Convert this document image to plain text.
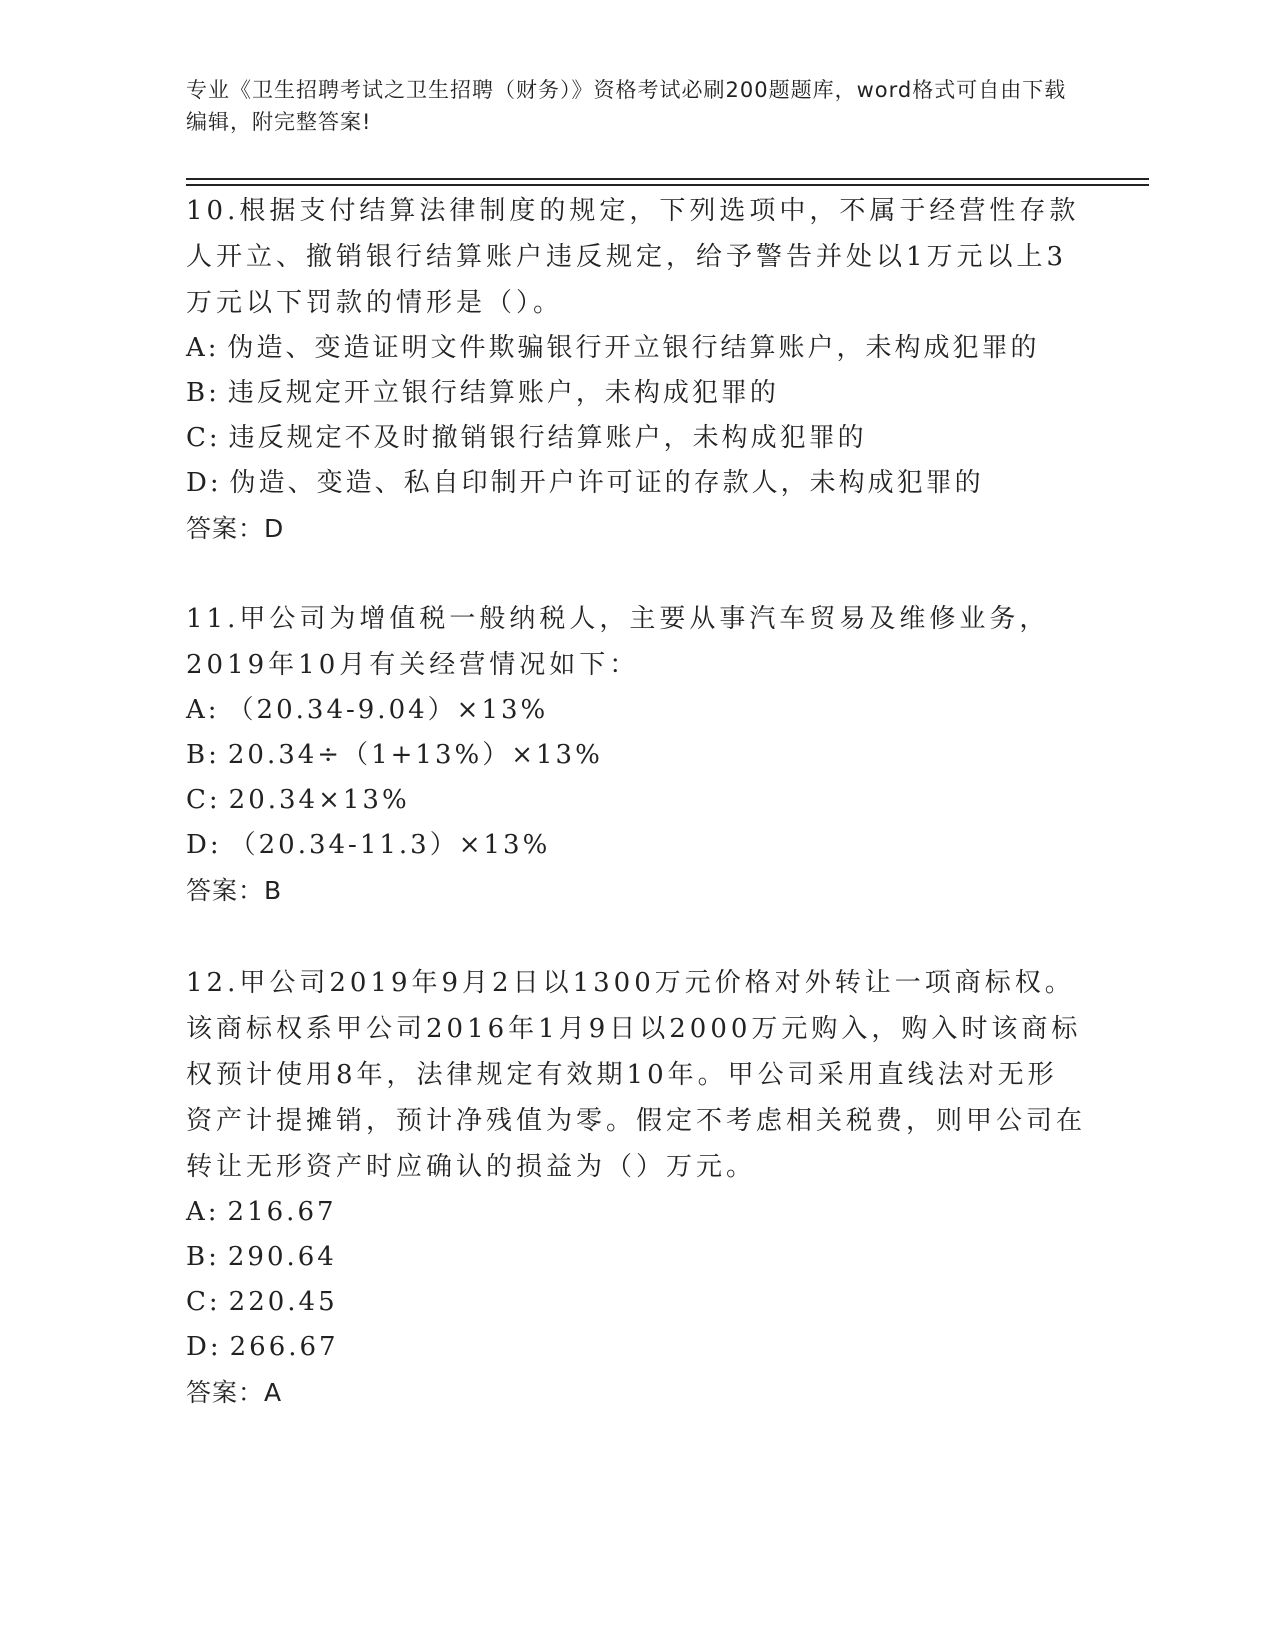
专业《卫生招聘考试之卫生招聘（财务）》资格考试必刷200题题库，word格式可自由下载编辑，附完整答案!

10.根据支付结算法律制度的规定，下列选项中，不属于经营性存款人开立、撤销银行结算账户违反规定，给予警告并处以1万元以上3万元以下罚款的情形是（）。

A: 伪造、变造证明文件欺骗银行开立银行结算账户，未构成犯罪的

B: 违反规定开立银行结算账户，未构成犯罪的

C: 违反规定不及时撤销银行结算账户，未构成犯罪的

D: 伪造、变造、私自印制开户许可证的存款人，未构成犯罪的

答案：D

11.甲公司为增值税一般纳税人，主要从事汽车贸易及维修业务，2019年10月有关经营情况如下：

A: （20.34-9.04）×13%

B: 20.34÷（1+13%）×13%

C: 20.34×13%

D: （20.34-11.3）×13%

答案：B

12.甲公司2019年9月2日以1300万元价格对外转让一项商标权。该商标权系甲公司2016年1月9日以2000万元购入，购入时该商标权预计使用8年，法律规定有效期10年。甲公司采用直线法对无形资产计提摊销，预计净残值为零。假定不考虑相关税费，则甲公司在转让无形资产时应确认的损益为（）万元。

A: 216.67

B: 290.64

C: 220.45

D: 266.67

答案：A
